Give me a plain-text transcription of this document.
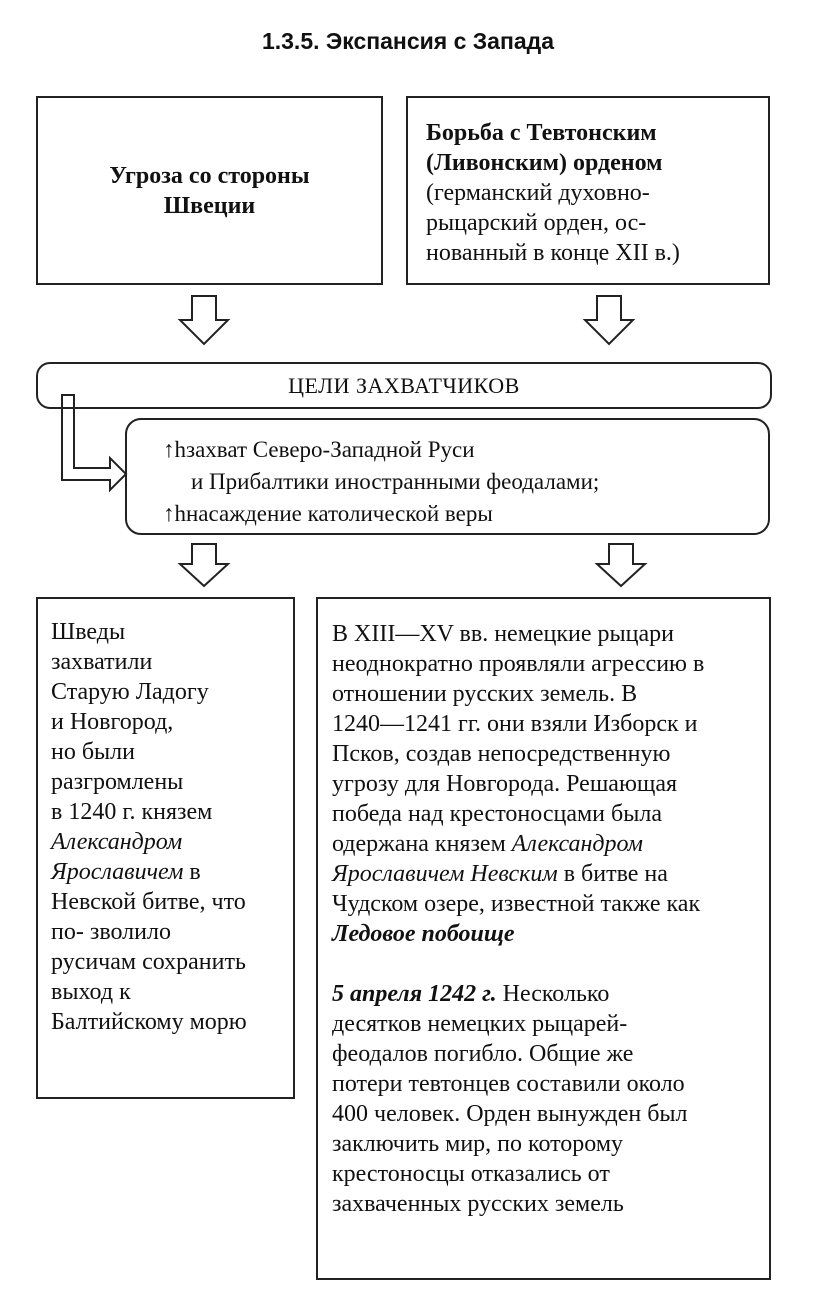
1.3.5. Экспансия с Запада
Угроза со стороны
Швеции
Борьба с Тевтонским
(Ливонским) орденом
(германский духовно-
рыцарский орден, ос-
нованный в конце XII в.)
ЦЕЛИ ЗАХВАТЧИКОВ
↑hзахват Северо-Западной Руси
и Прибалтики иностранными феодалами;
↑hнасаждение католической веры
Шведы
захватили
Старую Ладогу
и Новгород,
но были
разгромлены
в 1240 г. князем
Александром
Ярославичем в
Невской битве, что
по- зволило
русичам сохранить
выход к
Балтийскому морю
В XIII—XV вв. немецкие рыцари
неоднократно проявляли агрессию в
отношении русских земель. В
1240—1241 гг. они взяли Изборск и
Псков, создав непосредственную
угрозу для Новгорода. Решающая
победа над крестоносцами была
одержана князем Александром
Ярославичем Невским в битве на
Чудском озере, известной также как
Ледовое побоище
5 апреля 1242 г. Несколько
десятков немецких рыцарей-
феодалов погибло. Общие же
потери тевтонцев составили около
400 человек. Орден вынужден был
заключить мир, по которому
крестоносцы отказались от
захваченных русских земель
